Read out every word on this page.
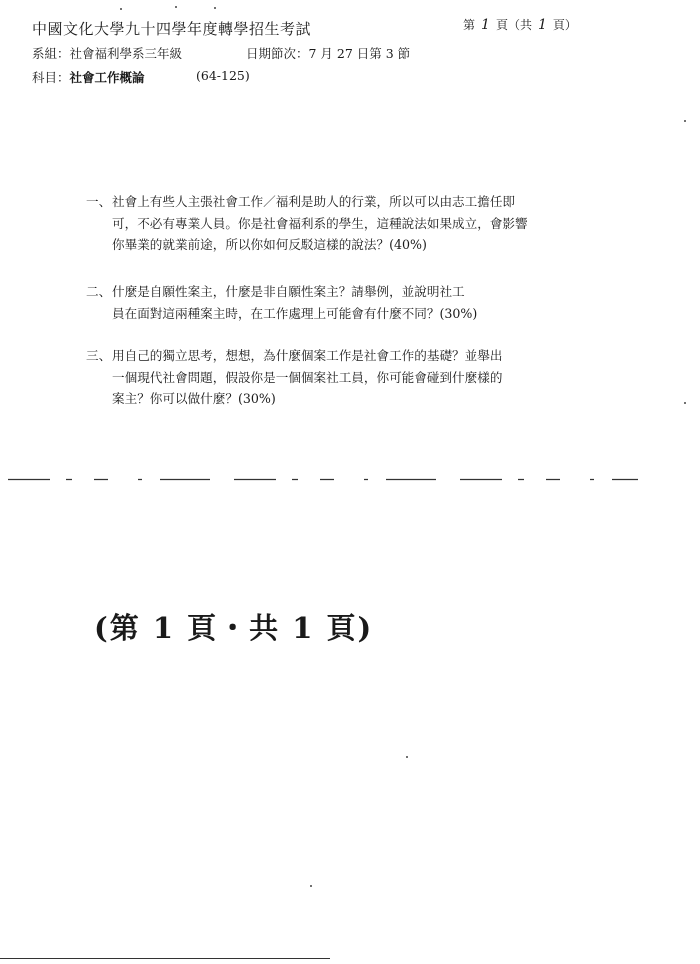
中國文化大學九十四學年度轉學招生考試	第 1 頁（共 1 頁）
系組：社會福利學系三年級	日期節次：7 月 27 日第 3 節
科目：社會工作概論	(64-125)
一、 社會上有些人主張社會工作／福利是助人的行業，所以可以由志工擔任即
可，不必有專業人員。你是社會福利系的學生，這種說法如果成立，會影響
你畢業的就業前途，所以你如何反駁這樣的說法？(40%)
二、 什麼是自願性案主，什麼是非自願性案主？請舉例，並說明社工
員在面對這兩種案主時，在工作處理上可能會有什麼不同？(30%)
三、 用自己的獨立思考，想想，為什麼個案工作是社會工作的基礎？並舉出
一個現代社會問題，假設你是一個個案社工員，你可能會碰到什麼樣的
案主？你可以做什麼？(30%)
(第 1 頁・共 1 頁)
